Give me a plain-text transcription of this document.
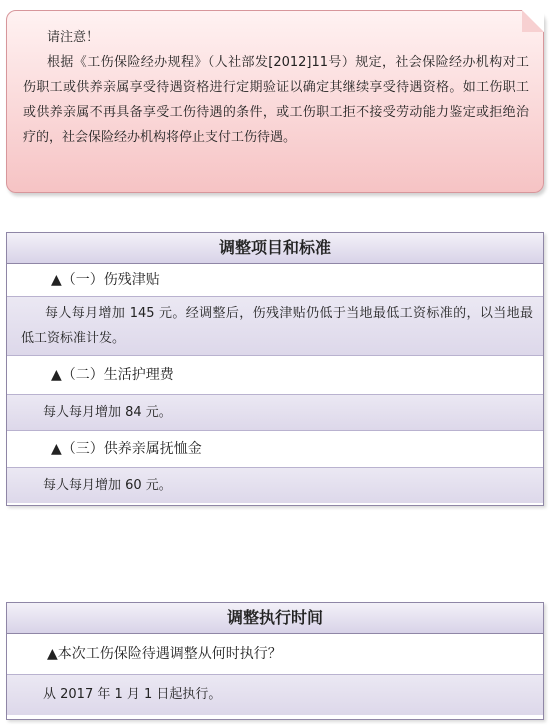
请注意！
根据《工伤保险经办规程》（人社部发[2012]11号）规定，社会保险经办机构对工伤职工或供养亲属享受待遇资格进行定期验证以确定其继续享受待遇资格。如工伤职工或供养亲属不再具备享受工伤待遇的条件，或工伤职工拒不接受劳动能力鉴定或拒绝治疗的，社会保险经办机构将停止支付工伤待遇。
调整项目和标准
▲（一）伤残津贴
每人每月增加 145 元。经调整后，伤残津贴仍低于当地最低工资标准的，以当地最低工资标准计发。
▲（二）生活护理费
每人每月增加 84 元。
▲（三）供养亲属抚恤金
每人每月增加 60 元。
调整执行时间
▲本次工伤保险待遇调整从何时执行？
从 2017 年 1 月 1 日起执行。
